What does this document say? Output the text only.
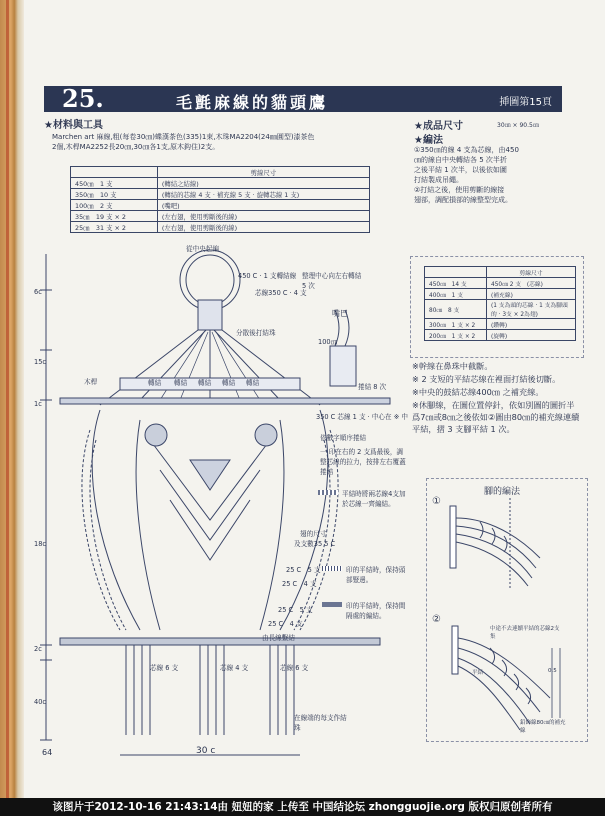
25.	毛氈麻線的貓頭鷹	挿圖第15頁
★材料與工具
Marchen art 麻線,粗(每卷30㎝)蝶漢茶色(335)1束,木珠MA2204(24㎜圓型)漆茶色
2個,木桿MA2252長20㎝,30㎝各1支,原木鈎住)2支。
	剪線尺寸
450㎝　1 支	(轉結之結線)
350㎝　10 支	(轉結的芯線 4 支 · 補充線 5 支 · 旋轉芯線 1 支)
100㎝　2 支	(嘴吧)
35㎝　19 支 × 2	(左右翅，使用剪斷後的線)
25㎝　31 支 × 2	(左右翅，使用剪斷後的線)
★成品尺寸	30㎝ × 90.5㎝
★編法
①350㎝的線 4 支為芯線，由450
㎝的線自中央轉結各 5 次半折
之後平結 1 次半，以後依如圖
打結製成吊繩。
②打結之後，使用剪斷的線接
翅部，調配損部的線整型完成。
	剪線尺寸
450㎝　14 支	450㎝ 2 支　(芯線)
400㎝　1 支	(補充線)
80㎝　8 支	(1 支為頭的芯線 · 1 支為腳頭的 · 3支 × 2為翅)
300㎝　1 支 × 2	(鑽轉)
200㎝　1 支 × 2	(旋轉)
※幹線在鼻珠中截斷。
※ 2 支短的平結芯線在裡面打結後切斷。
※中央的鼓結芯線400㎝ 之補充線。
※休腳線，在圖位置停針，依如別圖的圖折半爲7㎝或8㎝之後依如②圖由80㎝的補充線連續平結，摺 3 支腳平結 1 次。
腳的編法
①
②
中途不去連續平結的芯線2支集
平結
鉛飾線80㎝的補充線
0.5
從中央起編
450 C · 1 支轉結線
芯線350 C · 4 支
整理中心向左右轉結 5 次
分散後打結珠
木桿
嘴巴
100㎝
捲結 8 次
轉結 轉結 轉結 轉結 轉結
350 C 芯線 1 支 · 中心在 ※ 中
依數字順序捲結
一 印在右的 2 支爲最後，調整芯線的拉力，按排左右覆蓋捲結
平結時將兩芯線4支加於芯線一齊編結。
翅的尺寸
及支數35 5 C
印的平結時，保持頭部豎邊。
印的平結時，保持間隔處的編結。
25 C　5 支
25 C　4 支
25 C　5 支
25 C　4 支
由長線繫結
芯線 6 支	芯線 4 支	芯線 6 支
在線端的每支作結珠
30 c
6c
15c
1c
18c
2c
40c
64
该图片于2012-10-16 21:43:14由 妞妞的家 上传至 中国结论坛 zhongguojie.org 版权归原创者所有
